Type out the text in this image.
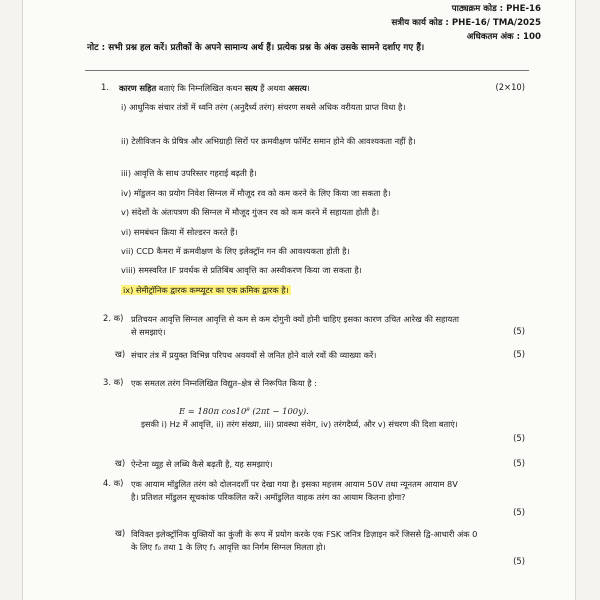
पाठ्यक्रम कोड : PHE-16
सत्रीय कार्य कोड : PHE-16/ TMA/2025
अधिकतम अंक : 100
नोट : सभी प्रश्न हल करें। प्रतीकों के अपने सामान्य अर्थ हैं। प्रत्येक प्रश्न के अंक उसके सामने दर्शाए गए हैं।
1. कारण सहित बताएं कि निम्नलिखित कथन सत्य हैं अथवा असत्य।	(2×10)
i) आधुनिक संचार तंत्रों में ध्वनि तरंग (अनुदैर्ध्य तरंग) संचरण सबसे अधिक वरीयता प्राप्त विधा है।
ii) टेलीविजन के प्रेषित्र और अभिग्राही सिरों पर क्रमवीक्षण फॉर्मेट समान होने की आवश्यकता नहीं है।
iii) आवृत्ति के साथ उपरिस्तर गहराई बढ़ती है।
iv) मॉडुलन का प्रयोग निवेश सिग्नल में मौजूद रव को कम करने के लिए किया जा सकता है।
v) संदेशों के अंतःपत्रण की सिग्नल में मौजूद गुंजन रव को कम करने में सहायता होती है।
vi) समबंधन क्रिया में सोल्डरन करते हैं।
vii) CCD कैमरा में क्रमवीक्षण के लिए इलेक्ट्रॉन गन की आवश्यकता होती है।
viii) समस्वरित IF प्रवर्धक से प्रतिबिंब आवृत्ति का अस्वीकरण किया जा सकता है।
ix) सेमीट्रॉनिक द्वारक कम्प्यूटर का एक क्रमिक द्वारक है।
2. क) प्रतिचयन आवृत्ति सिग्नल आवृत्ति से कम से कम दोगुनी क्यों होनी चाहिए इसका कारण उचित आरेख की सहायता से समझाएं।	(5)
ख) संचार तंत्र में प्रयुक्त विभिन्न परिपथ अवयवों से जनित होने वाले रवों की व्याख्या करें।	(5)
3. क) एक समतल तरंग निम्नलिखित विद्युत–क्षेत्र से निरूपित किया है :
E = 180π cos10⁸ (2πt − 100y).
इसकी i) Hz में आवृत्ति, ii) तरंग संख्या, iii) प्रावस्था संवेग, iv) तरंगदैर्घ्य, और v) संचरण की दिशा बताएं।
(5)
ख) ऐन्टेना व्यूह से लब्धि कैसे बढ़ती है, यह समझाएं।	(5)
4. क) एक आयाम मॉडुलित तरंग को दोलनदर्शी पर देखा गया है। इसका महत्तम आयाम 50V तथा न्यूनतम आयाम 8V है। प्रतिशत मॉडुलन सूचकांक परिकलित करें। अमॉडुलित वाहक तरंग का आयाम कितना होगा?
(5)
ख) विविक्त इलेक्ट्रॉनिक युक्तियों का कुंजी के रूप में प्रयोग करके एक FSK जनित्र डिज़ाइन करें जिससे द्वि-आधारी अंक 0 के लिए f₀ तथा 1 के लिए f₁ आवृत्ति का निर्गम सिग्नल मिलता हो।
(5)
